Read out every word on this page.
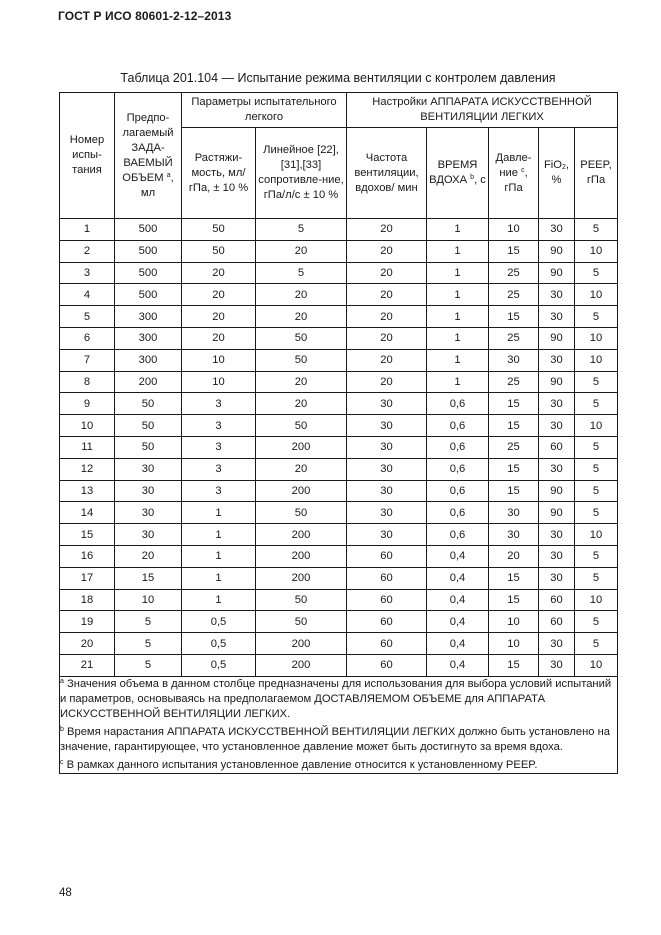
ГОСТ Р ИСО 80601-2-12–2013
Таблица 201.104 — Испытание режима вентиляции с контролем давления
Номер испы-тания	Предпо-лагаемый ЗАДА-ВАЕМЫЙ ОБЪЕМ $^a$, мл	Параметры испытательного легкого		Настройки АППАРАТА ИСКУССТВЕННОЙ ВЕНТИЛЯЦИИ ЛЕГКИХ				
		Растяжи-мость, мл/гПа, ± 10 %	Линейное [22],[31],[33] сопротивле-ние, гПа/л/с ± 10 %	Частота вентиляции, вдохов/ мин	ВРЕМЯ ВДОХА $^b$, с	Давле-ние $^c$, гПа	FiO$_2$, %	PEEP, гПа
1	500	50	5	20	1	10	30	5
2	500	50	20	20	1	15	90	10
3	500	20	5	20	1	25	90	5
4	500	20	20	20	1	25	30	10
5	300	20	20	20	1	15	30	5
6	300	20	50	20	1	25	90	10
7	300	10	50	20	1	30	30	10
8	200	10	20	20	1	25	90	5
9	50	3	20	30	0,6	15	30	5
10	50	3	50	30	0,6	15	30	10
11	50	3	200	30	0,6	25	60	5
12	30	3	20	30	0,6	15	30	5
13	30	3	200	30	0,6	15	90	5
14	30	1	50	30	0,6	30	90	5
15	30	1	200	30	0,6	30	30	10
16	20	1	200	60	0,4	20	30	5
17	15	1	200	60	0,4	15	30	5
18	10	1	50	60	0,4	15	60	10
19	5	0,5	50	60	0,4	10	60	5
20	5	0,5	200	60	0,4	10	30	5
21	5	0,5	200	60	0,4	15	30	10

$^a$ Значения объема в данном столбце предназначены для использования для выбора условий испытаний и параметров, основываясь на предполагаемом ДОСТАВЛЯЕМОМ ОБЪЕМЕ для АППАРАТА ИСКУССТВЕННОЙ ВЕНТИЛЯЦИИ ЛЕГКИХ.
$^b$ Время нарастания АППАРАТА ИСКУССТВЕННОЙ ВЕНТИЛЯЦИИ ЛЕГКИХ должно быть установлено на значение, гарантирующее, что установленное давление может быть достигнуто за время вдоха.
$^c$ В рамках данного испытания установленное давление относится к установленному PEEP.								
48
